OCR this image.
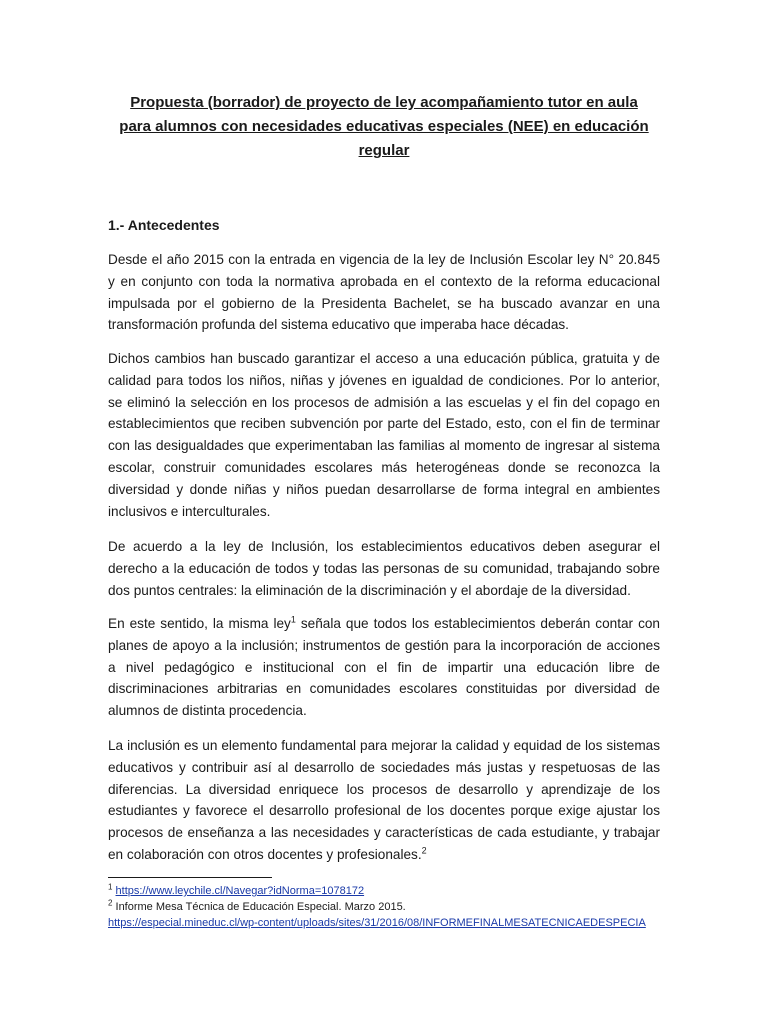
Propuesta (borrador) de proyecto de ley acompañamiento tutor en aula
para alumnos con necesidades educativas especiales (NEE) en educación
regular
1.- Antecedentes

Desde el año 2015 con la entrada en vigencia de la ley de Inclusión Escolar ley N° 20.845 y en conjunto con toda la normativa aprobada en el contexto de la reforma educacional impulsada por el gobierno de la Presidenta Bachelet, se ha buscado avanzar en una transformación profunda del sistema educativo que imperaba hace décadas.

Dichos cambios han buscado garantizar el acceso a una educación pública, gratuita y de calidad para todos los niños, niñas y jóvenes en igualdad de condiciones. Por lo anterior, se eliminó la selección en los procesos de admisión a las escuelas y el fin del copago en establecimientos que reciben subvención por parte del Estado, esto, con el fin de terminar con las desigualdades que experimentaban las familias al momento de ingresar al sistema escolar, construir comunidades escolares más heterogéneas donde se reconozca la diversidad y donde niñas y niños puedan desarrollarse de forma integral en ambientes inclusivos e interculturales.

De acuerdo a la ley de Inclusión, los establecimientos educativos deben asegurar el derecho a la educación de todos y todas las personas de su comunidad, trabajando sobre dos puntos centrales: la eliminación de la discriminación y el abordaje de la diversidad.

En este sentido, la misma ley$^1$ señala que todos los establecimientos deberán contar con planes de apoyo a la inclusión; instrumentos de gestión para la incorporación de acciones a nivel pedagógico e institucional con el fin de impartir una educación libre de discriminaciones arbitrarias en comunidades escolares constituidas por diversidad de alumnos de distinta procedencia.

La inclusión es un elemento fundamental para mejorar la calidad y equidad de los sistemas educativos y contribuir así al desarrollo de sociedades más justas y respetuosas de las diferencias. La diversidad enriquece los procesos de desarrollo y aprendizaje de los estudiantes y favorece el desarrollo profesional de los docentes porque exige ajustar los procesos de enseñanza a las necesidades y características de cada estudiante, y trabajar en colaboración con otros docentes y profesionales.$^2$

$^1$ https://www.leychile.cl/Navegar?idNorma=1078172
$^2$ Informe Mesa Técnica de Educación Especial. Marzo 2015.
https://especial.mineduc.cl/wp-content/uploads/sites/31/2016/08/INFORMEFINALMESATECNICAEDESPECIA
